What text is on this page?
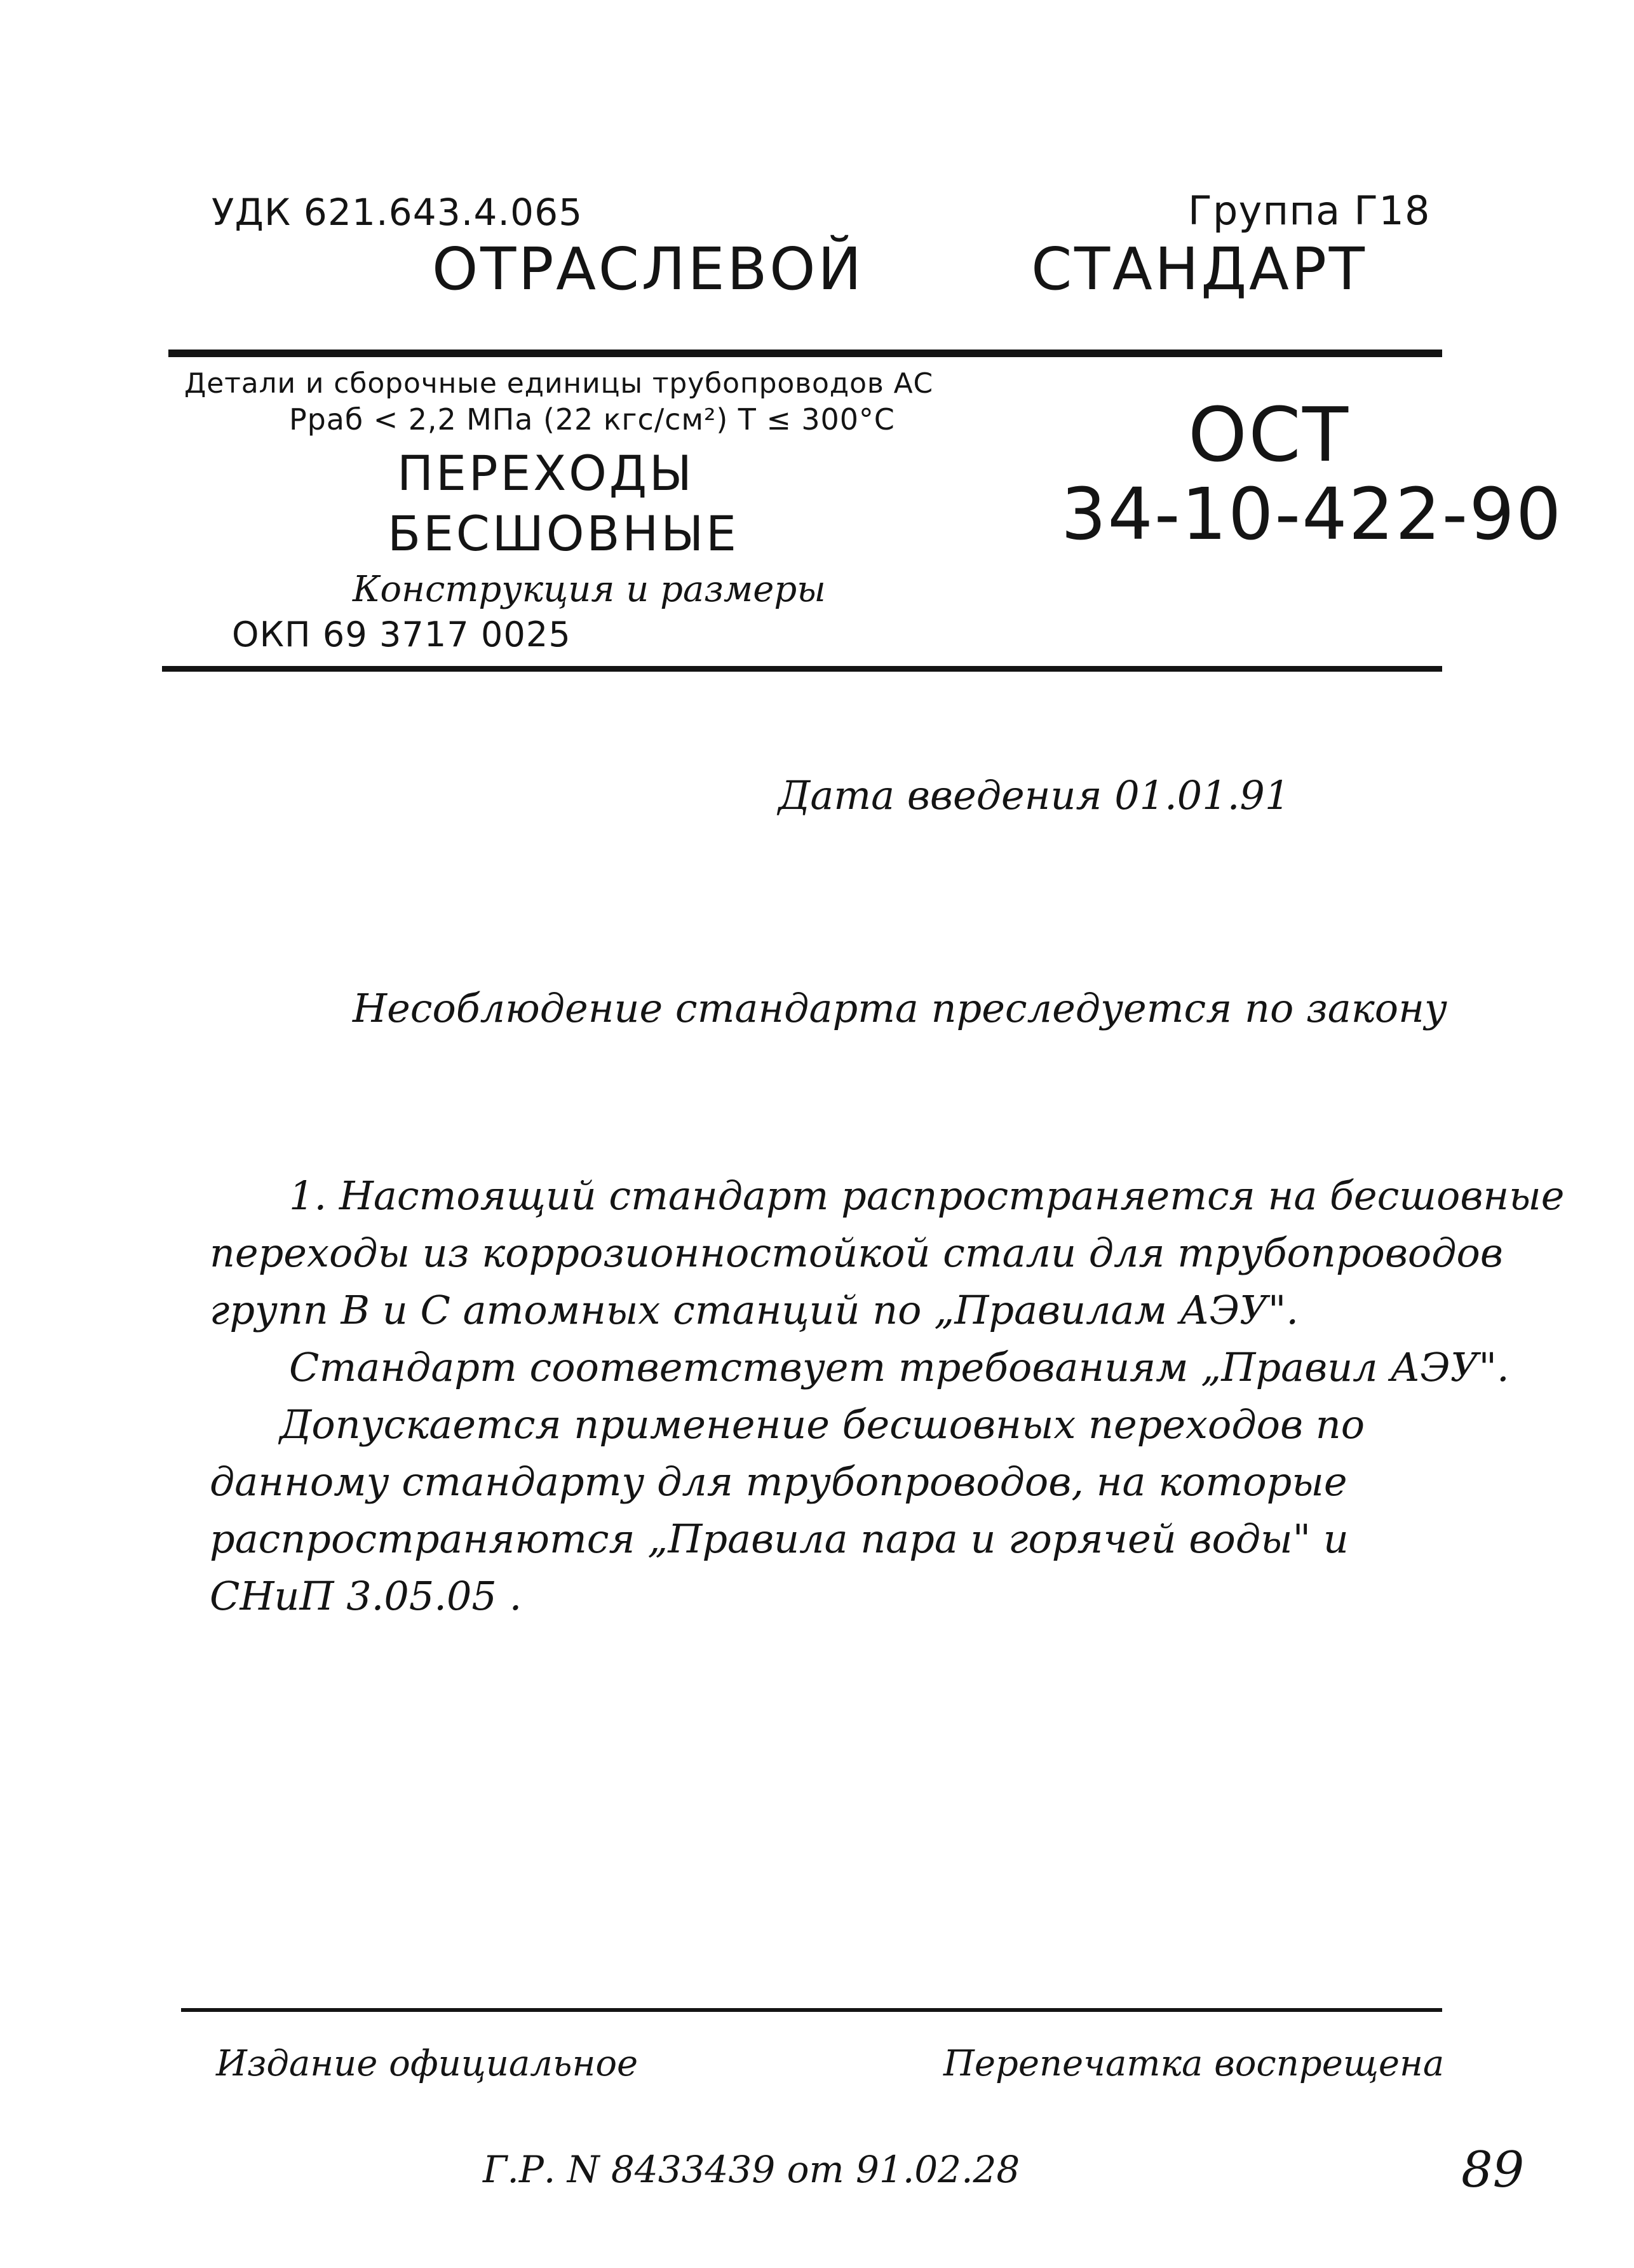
УДК 621.643.4.065	Группа Г18
ОТРАСЛЕВОЙ        СТАНДАРТ
Детали и сборочные единицы трубопроводов АС
Pраб < 2,2 МПа (22 кгс/см²) T ≤ 300°C
ПЕРЕХОДЫ
БЕСШОВНЫЕ
Конструкция и размеры
ОКП 69 3717 0025
ОСТ
34-10-422-90
Дата введения 01.01.91
Несоблюдение стандарта преследуется по закону
1. Настоящий стандарт распространяется на бесшовные
переходы из коррозионностойкой стали для трубопроводов
групп B и C атомных станций по „Правилам АЭУ".
Стандарт соответствует требованиям „Правил АЭУ".
Допускается применение бесшовных переходов по
данному стандарту для трубопроводов, на которые
распространяются „Правила пара и горячей воды" и
СНиП 3.05.05 .
Издание официальное	Перепечатка воспрещена
Г.Р. N 8433439 от 91.02.28	89
